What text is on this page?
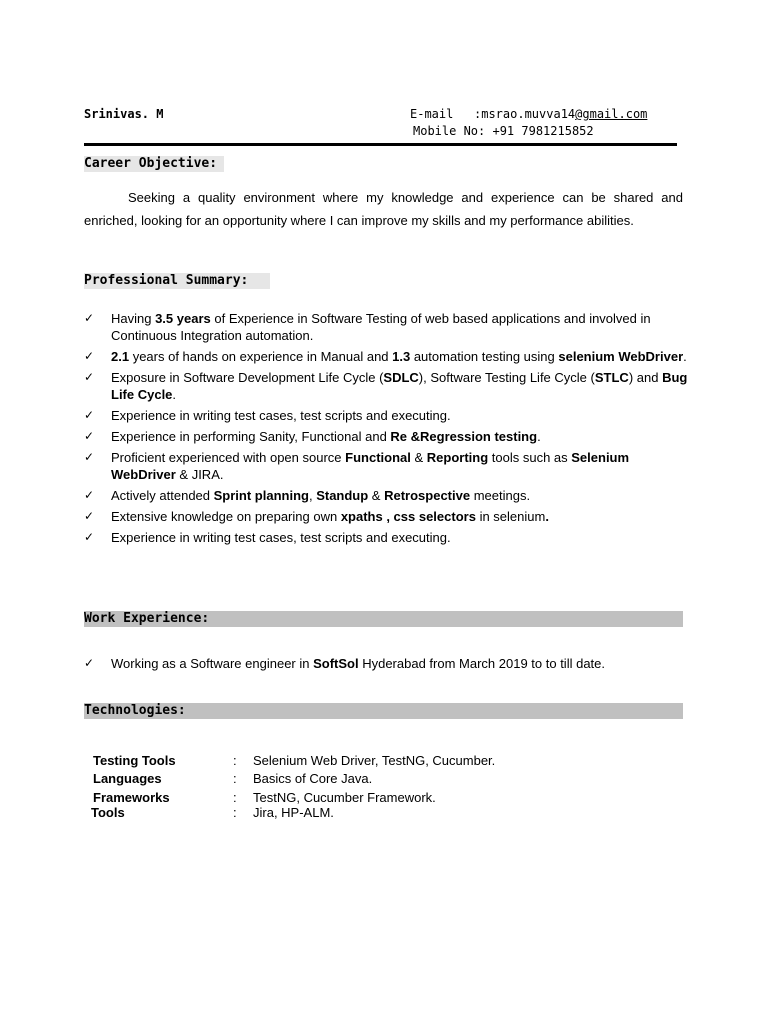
Srinivas. M	E-mail :msrao.muvva14@gmail.com
Mobile No: +91 7981215852
Career Objective:
Seeking a quality environment where my knowledge and experience can be shared and enriched, looking for an opportunity where I can improve my skills and my performance abilities.
Professional Summary:
✓ Having 3.5 years of Experience in Software Testing of web based applications and involved in Continuous Integration automation.
✓ 2.1 years of hands on experience in Manual and 1.3 automation testing using selenium WebDriver.
✓ Exposure in Software Development Life Cycle (SDLC), Software Testing Life Cycle (STLC) and Bug Life Cycle.
✓ Experience in writing test cases, test scripts and executing.
✓ Experience in performing Sanity, Functional and Re &Regression testing.
✓ Proficient experienced with open source Functional & Reporting tools such as Selenium WebDriver & JIRA.
✓ Actively attended Sprint planning, Standup & Retrospective meetings.
✓ Extensive knowledge on preparing own xpaths , css selectors in selenium.
✓ Experience in writing test cases, test scripts and executing.
Work Experience:
✓ Working as a Software engineer in SoftSol Hyderabad from March 2019 to to till date.
Technologies:
Testing Tools	: Selenium Web Driver, TestNG, Cucumber.
Languages	: Basics of Core Java.
Frameworks	: TestNG, Cucumber Framework.
Tools	: Jira, HP-ALM.
